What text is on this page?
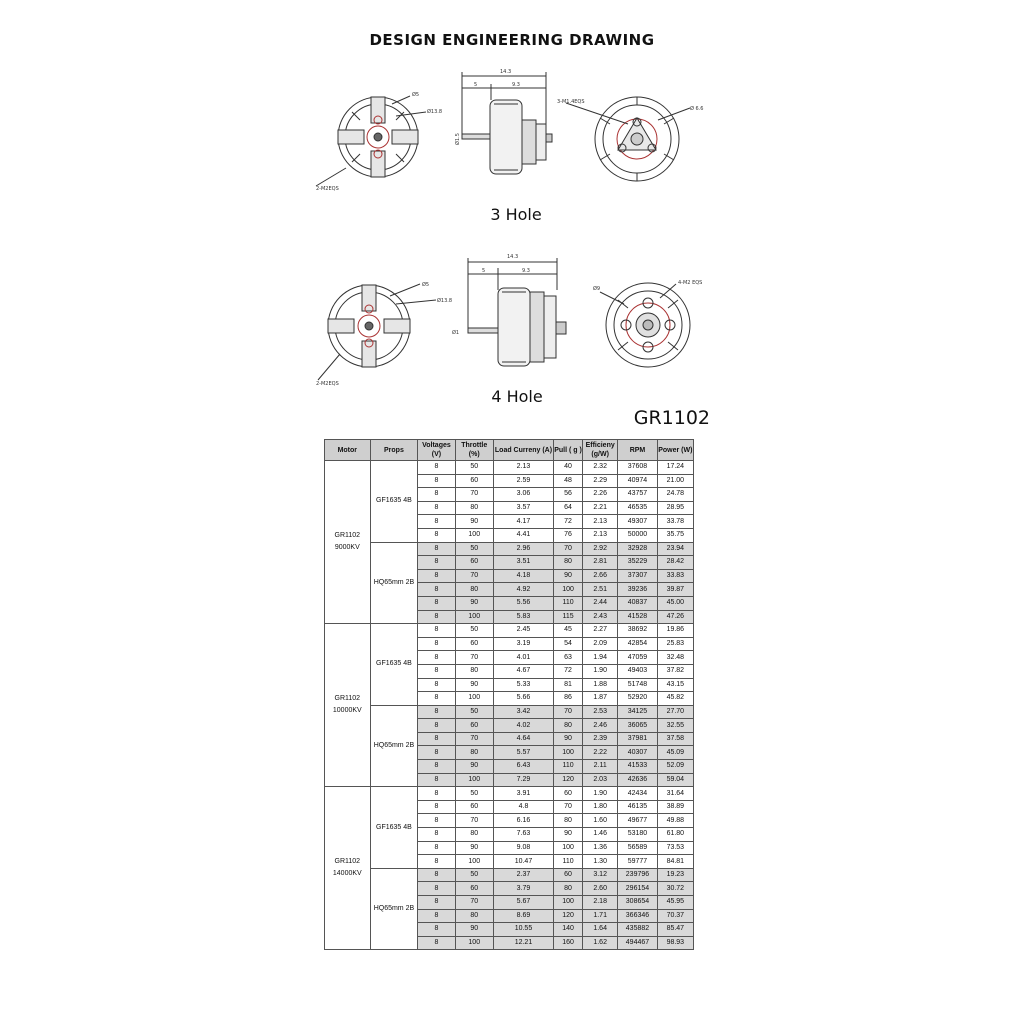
DESIGN ENGINEERING DRAWING
Ø5
Ø13.8
2-M2EQS
14.3
5	9.3
Ø1.5
3-M1.4EQS
Ø 6.6
3 Hole
Ø5
Ø13.8
2-M2EQS
14.3
5	9.3
Ø1
Ø9
4-M2 EQS
4 Hole
GR1102
Motor	Props	Voltages (V)	Throttle (%)	Load Curreny (A)	Pull ( g )	Efficieny (g/W)	RPM	Power (W)
GR1102 9000KV	GF1635 4B	8	50	2.13	40	2.32	37608	17.24
		8	60	2.59	48	2.29	40974	21.00
		8	70	3.06	56	2.26	43757	24.78
		8	80	3.57	64	2.21	46535	28.95
		8	90	4.17	72	2.13	49307	33.78
		8	100	4.41	76	2.13	50000	35.75
	HQ65mm 2B	8	50	2.96	70	2.92	32928	23.94
		8	60	3.51	80	2.81	35229	28.42
		8	70	4.18	90	2.66	37307	33.83
		8	80	4.92	100	2.51	39236	39.87
		8	90	5.56	110	2.44	40837	45.00
		8	100	5.83	115	2.43	41528	47.26
GR1102 10000KV	GF1635 4B	8	50	2.45	45	2.27	38692	19.86
		8	60	3.19	54	2.09	42854	25.83
		8	70	4.01	63	1.94	47059	32.48
		8	80	4.67	72	1.90	49403	37.82
		8	90	5.33	81	1.88	51748	43.15
		8	100	5.66	86	1.87	52920	45.82
	HQ65mm 2B	8	50	3.42	70	2.53	34125	27.70
		8	60	4.02	80	2.46	36065	32.55
		8	70	4.64	90	2.39	37981	37.58
		8	80	5.57	100	2.22	40307	45.09
		8	90	6.43	110	2.11	41533	52.09
		8	100	7.29	120	2.03	42636	59.04
GR1102 14000KV	GF1635 4B	8	50	3.91	60	1.90	42434	31.64
		8	60	4.8	70	1.80	46135	38.89
		8	70	6.16	80	1.60	49677	49.88
		8	80	7.63	90	1.46	53180	61.80
		8	90	9.08	100	1.36	56589	73.53
		8	100	10.47	110	1.30	59777	84.81
	HQ65mm 2B	8	50	2.37	60	3.12	239796	19.23
		8	60	3.79	80	2.60	296154	30.72
		8	70	5.67	100	2.18	308654	45.95
		8	80	8.69	120	1.71	366346	70.37
		8	90	10.55	140	1.64	435882	85.47
		8	100	12.21	160	1.62	494467	98.93
